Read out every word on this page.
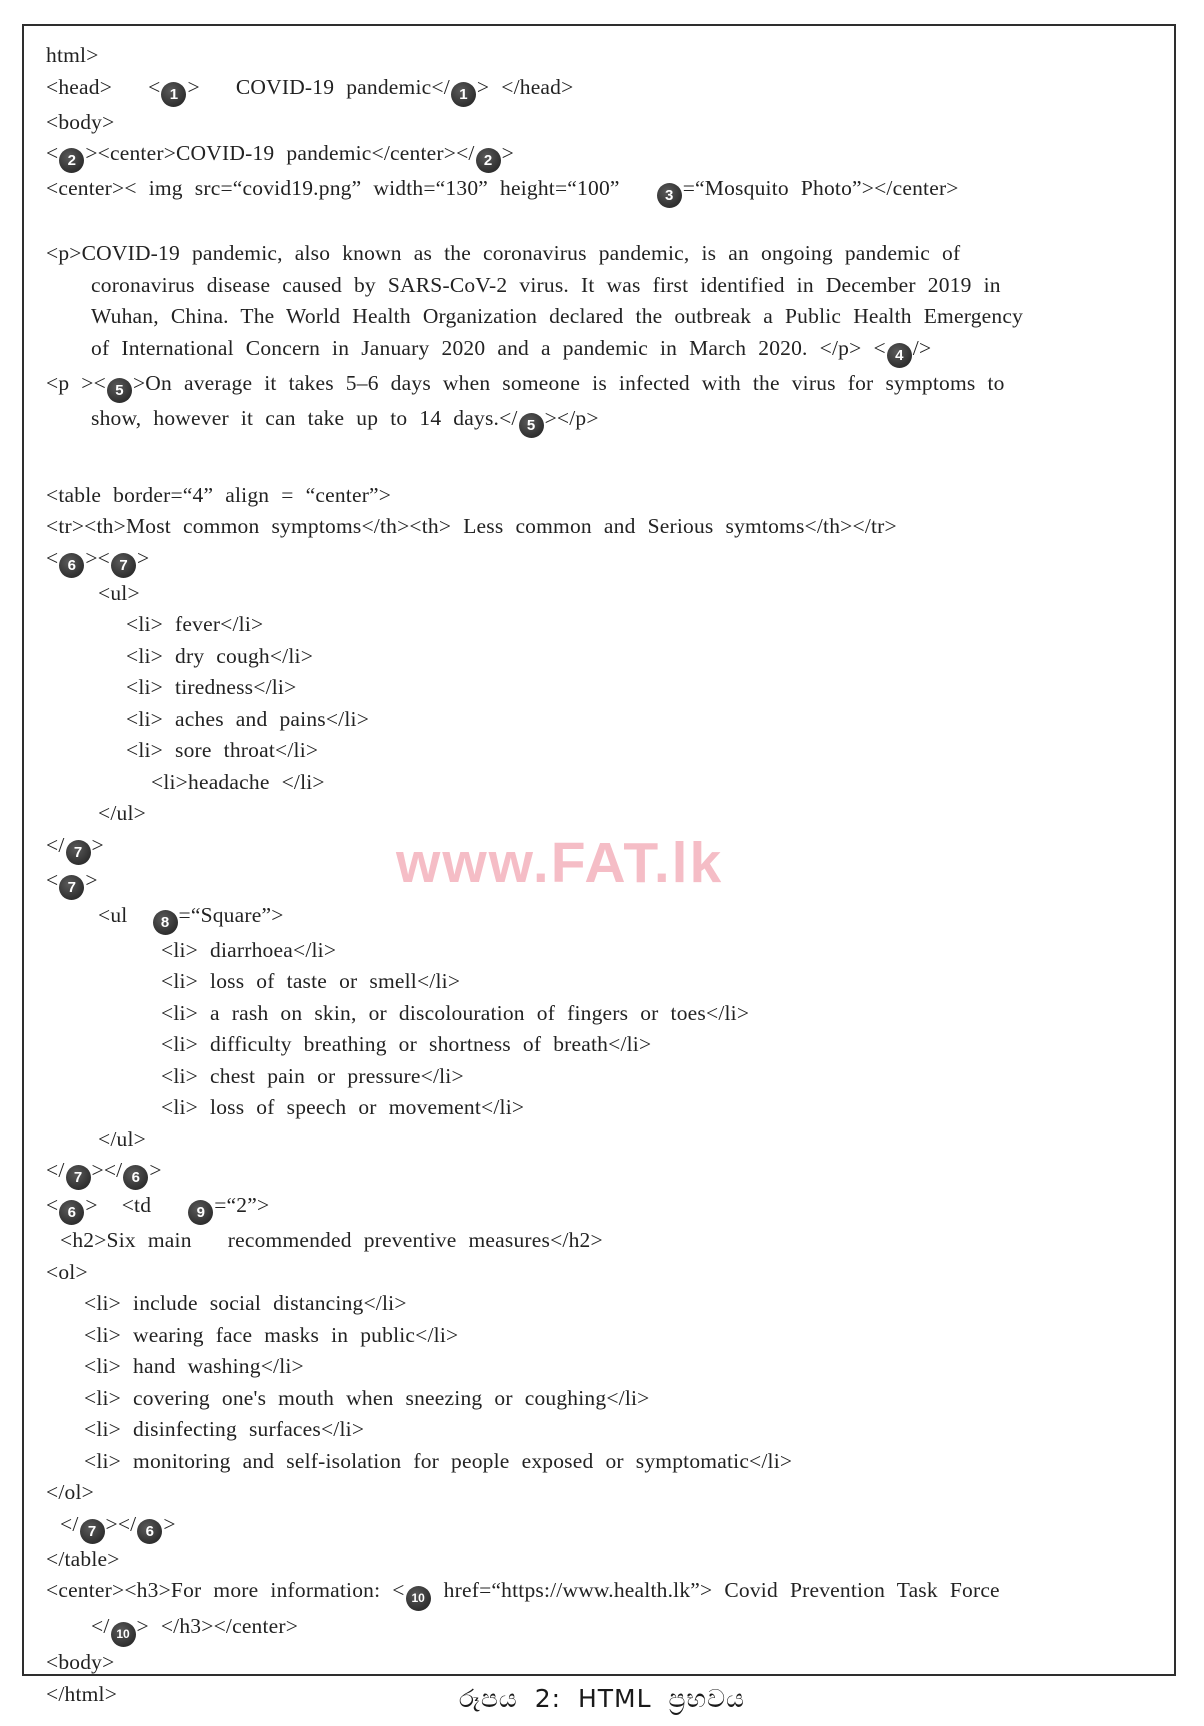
html>
<head>   < 1 >   COVID-19 pandemic</ 1 > </head>
<body>
< 2 ><center>COVID-19 pandemic</center></ 2 >
<center>< img src=“covid19.png” width=“130” height=“100”   3 =“Mosquito Photo”></center>
<p>COVID-19 pandemic, also known as the coronavirus pandemic, is an ongoing pandemic of
coronavirus disease caused by SARS-CoV-2 virus. It was first identified in December 2019 in
Wuhan, China. The World Health Organization declared the outbreak a Public Health Emergency
of International Concern in January 2020 and a pandemic in March 2020. </p> < 4 />
<p >< 5 >On average it takes 5–6 days when someone is infected with the virus for symptoms to
show, however it can take up to 14 days.</ 5 ></p>
<table border=“4” align = “center”>
<tr><th>Most common symptoms</th><th> Less common and Serious symtoms</th></tr>
< 6 >< 7 >
<ul>
<li> fever</li>
<li> dry cough</li>
<li> tiredness</li>
<li> aches and pains</li>
<li> sore throat</li>
<li>headache </li>
</ul>
</ 7 >
< 7 >
<ul  8 =“Square”>
<li> diarrhoea</li>
<li> loss of taste or smell</li>
<li> a rash on skin, or discolouration of fingers or toes</li>
<li> difficulty breathing or shortness of breath</li>
<li> chest pain or pressure</li>
<li> loss of speech or movement</li>
</ul>
</ 7 ></ 6 >
< 6 >  <td   9 =“2”>
<h2>Six main   recommended preventive measures</h2>
<ol>
<li> include social distancing</li>
<li> wearing face masks in public</li>
<li> hand washing</li>
<li> covering one's mouth when sneezing or coughing</li>
<li> disinfecting surfaces</li>
<li> monitoring and self-isolation for people exposed or symptomatic</li>
</ol>
</ 7 ></ 6 >
</table>
<center><h3>For more information: < 10 href=“https://www.health.lk”> Covid Prevention Task Force
</ 10 > </h3></center>
<body>
</html>
www.FAT.lk
රූපය 2: HTML ප්‍රභවය
